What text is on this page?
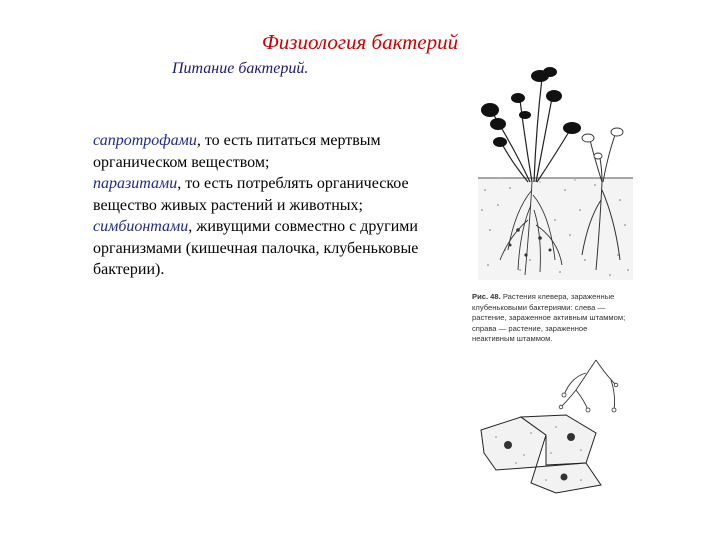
Физиология бактерий
Питание бактерий.
сапротрофами, то есть питаться мертвым органическом веществом;
паразитами, то есть потреблять органическое вещество живых растений и животных;
симбионтами, живущими совместно с другими организмами (кишечная палочка, клубеньковые бактерии).
Рис. 48. Растения клевера, зараженные клубеньковыми бактериями: слева — растение, зараженное активным штаммом; справа — растение, зараженное неактивным штаммом.
